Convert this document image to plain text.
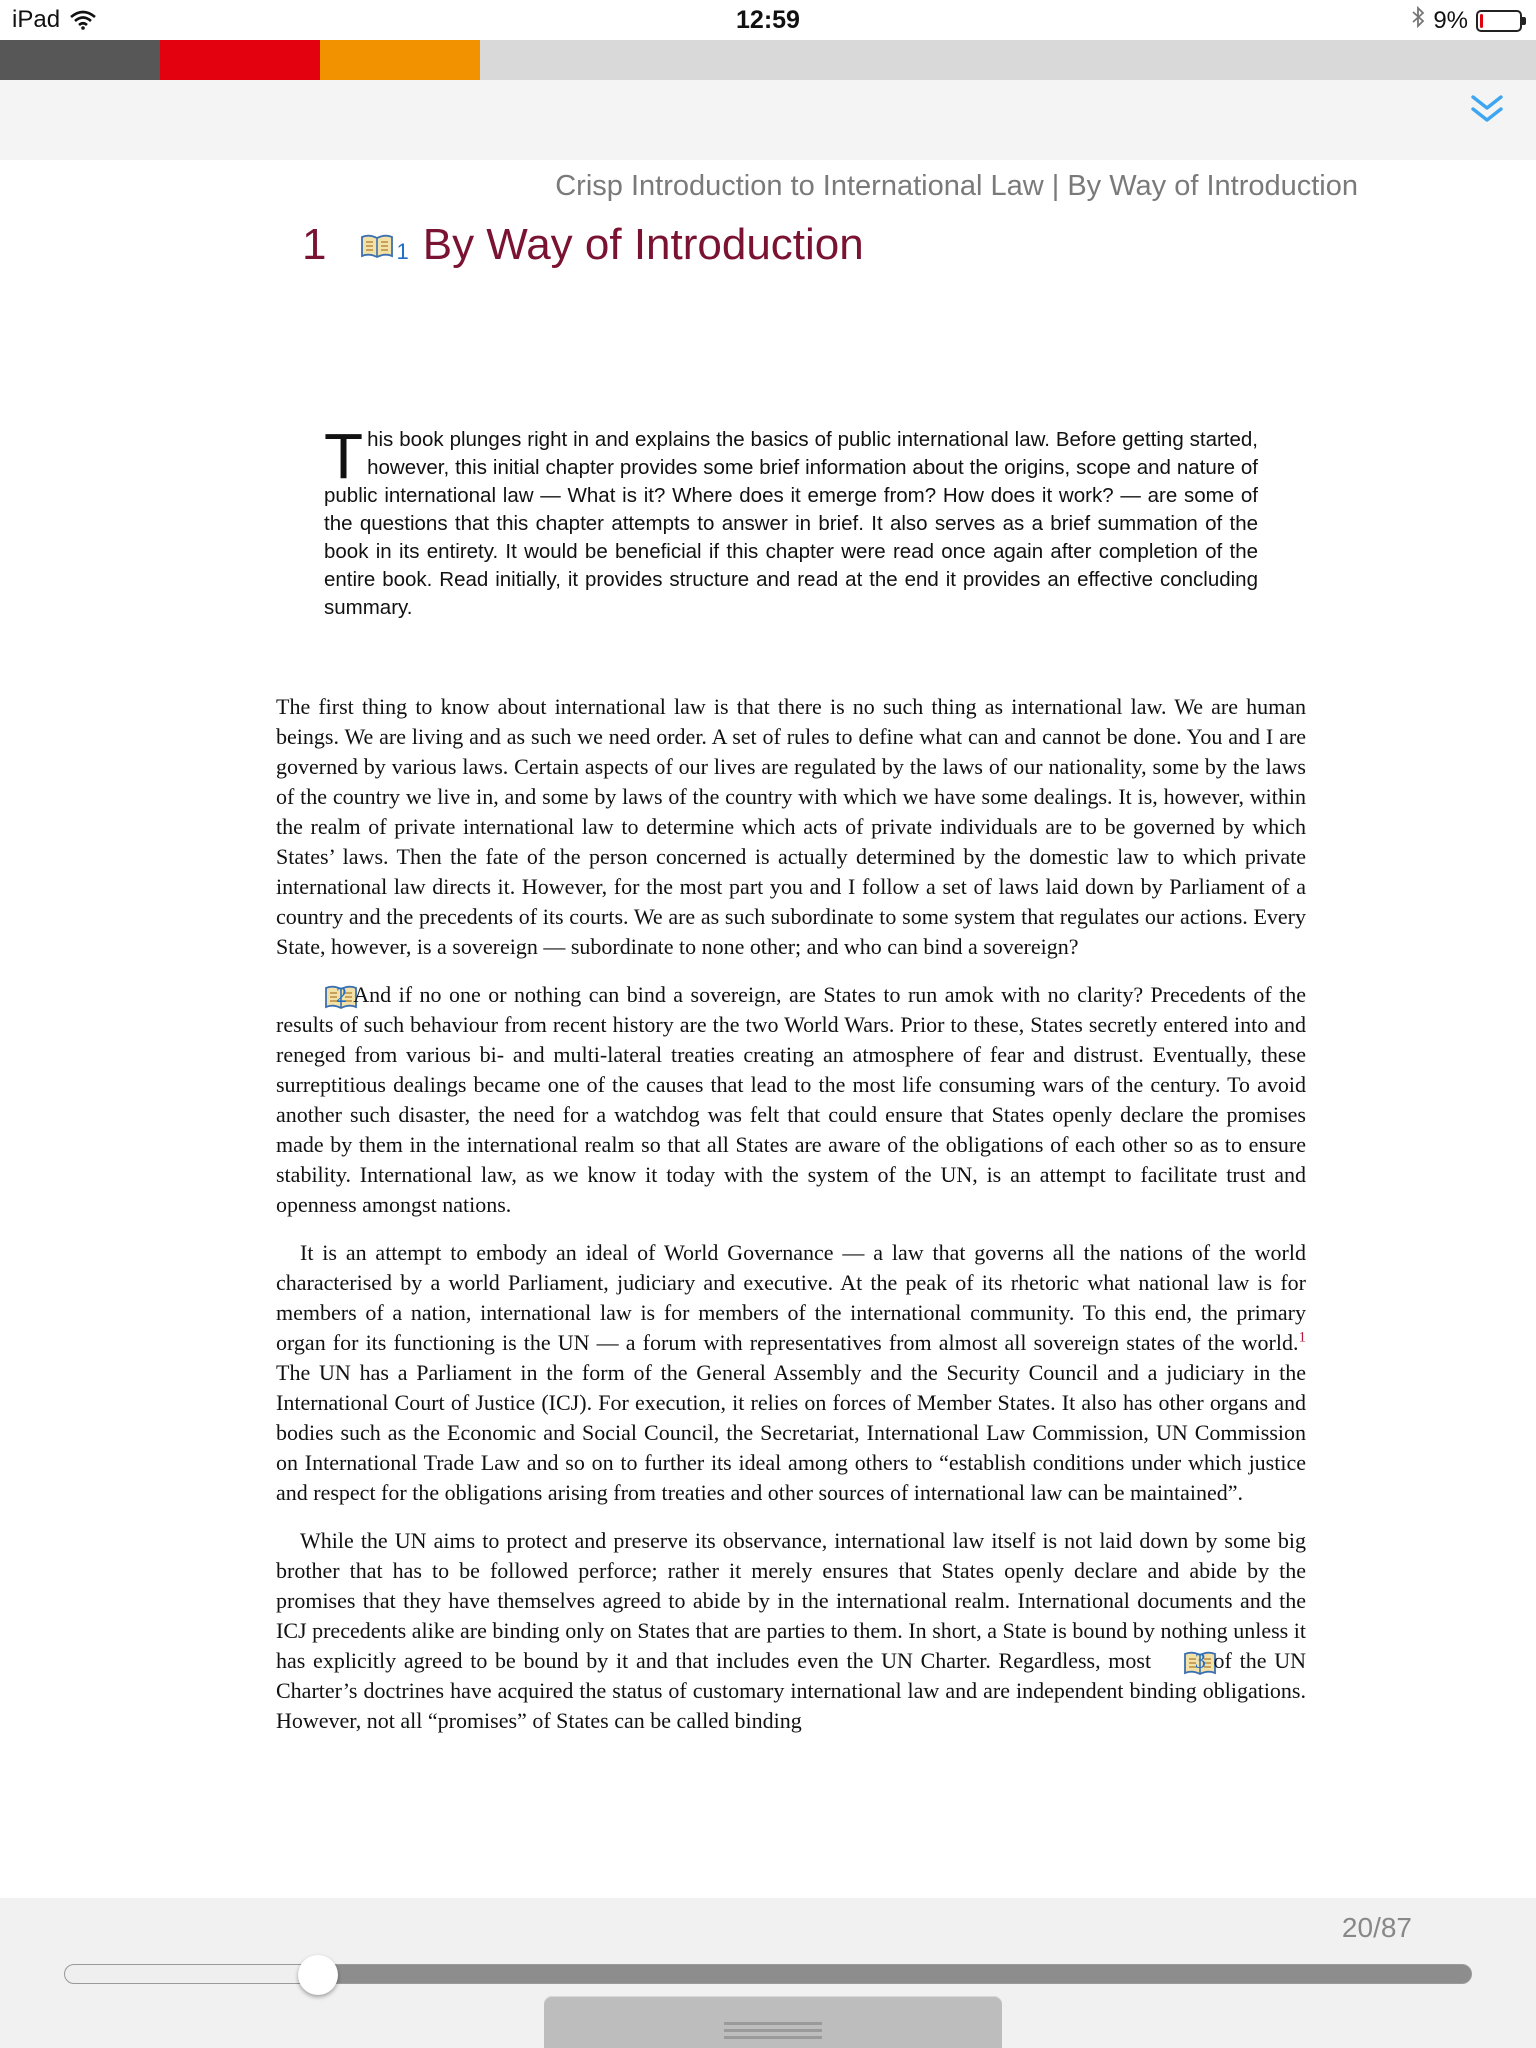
iPad	12:59	9%
Crisp Introduction to International Law | By Way of Introduction
1	1 By Way of Introduction
This book plunges right in and explains the basics of public international law. Before getting started, however, this initial chapter provides some brief information about the origins, scope and nature of public international law — What is it? Where does it emerge from? How does it work? — are some of the questions that this chapter attempts to answer in brief. It also serves as a brief summation of the book in its entirety. It would be beneficial if this chapter were read once again after completion of the entire book. Read initially, it provides structure and read at the end it provides an effective concluding summary.

The first thing to know about international law is that there is no such thing as international law. We are human beings. We are living and as such we need order. A set of rules to define what can and cannot be done. You and I are governed by various laws. Certain aspects of our lives are regulated by the laws of our nationality, some by the laws of the country we live in, and some by laws of the country with which we have some dealings. It is, however, within the realm of private international law to determine which acts of private individuals are to be governed by which States’ laws. Then the fate of the person concerned is actually determined by the domestic law to which private international law directs it. However, for the most part you and I follow a set of laws laid down by Parliament of a country and the precedents of its courts. We are as such subordinate to some system that regulates our actions. Every State, however, is a sovereign — subordinate to none other; and who can bind a sovereign?

2 And if no one or nothing can bind a sovereign, are States to run amok with no clarity? Precedents of the results of such behaviour from recent history are the two World Wars. Prior to these, States secretly entered into and reneged from various bi- and multi-lateral treaties creating an atmosphere of fear and distrust. Eventually, these surreptitious dealings became one of the causes that lead to the most life consuming wars of the century. To avoid another such disaster, the need for a watchdog was felt that could ensure that States openly declare the promises made by them in the international realm so that all States are aware of the obligations of each other so as to ensure stability. International law, as we know it today with the system of the UN, is an attempt to facilitate trust and openness amongst nations.

It is an attempt to embody an ideal of World Governance — a law that governs all the nations of the world characterised by a world Parliament, judiciary and executive. At the peak of its rhetoric what national law is for members of a nation, international law is for members of the international community. To this end, the primary organ for its functioning is the UN — a forum with representatives from almost all sovereign states of the world.$^1$ The UN has a Parliament in the form of the General Assembly and the Security Council and a judiciary in the International Court of Justice (ICJ). For execution, it relies on forces of Member States. It also has other organs and bodies such as the Economic and Social Council, the Secretariat, International Law Commission, UN Commission on International Trade Law and so on to further its ideal among others to “establish conditions under which justice and respect for the obligations arising from treaties and other sources of international law can be maintained”.

While the UN aims to protect and preserve its observance, international law itself is not laid down by some big brother that has to be followed perforce; rather it merely ensures that States openly declare and abide by the promises that they have themselves agreed to abide by in the international realm. International documents and the ICJ precedents alike are binding only on States that are parties to them. In short, a State is bound by nothing unless it has explicitly agreed to be bound by it and that includes even the UN Charter. Regardless, most 3 of the UN Charter’s doctrines have acquired the status of customary international law and are independent binding obligations. However, not all “promises” of States can be called binding

20/87
